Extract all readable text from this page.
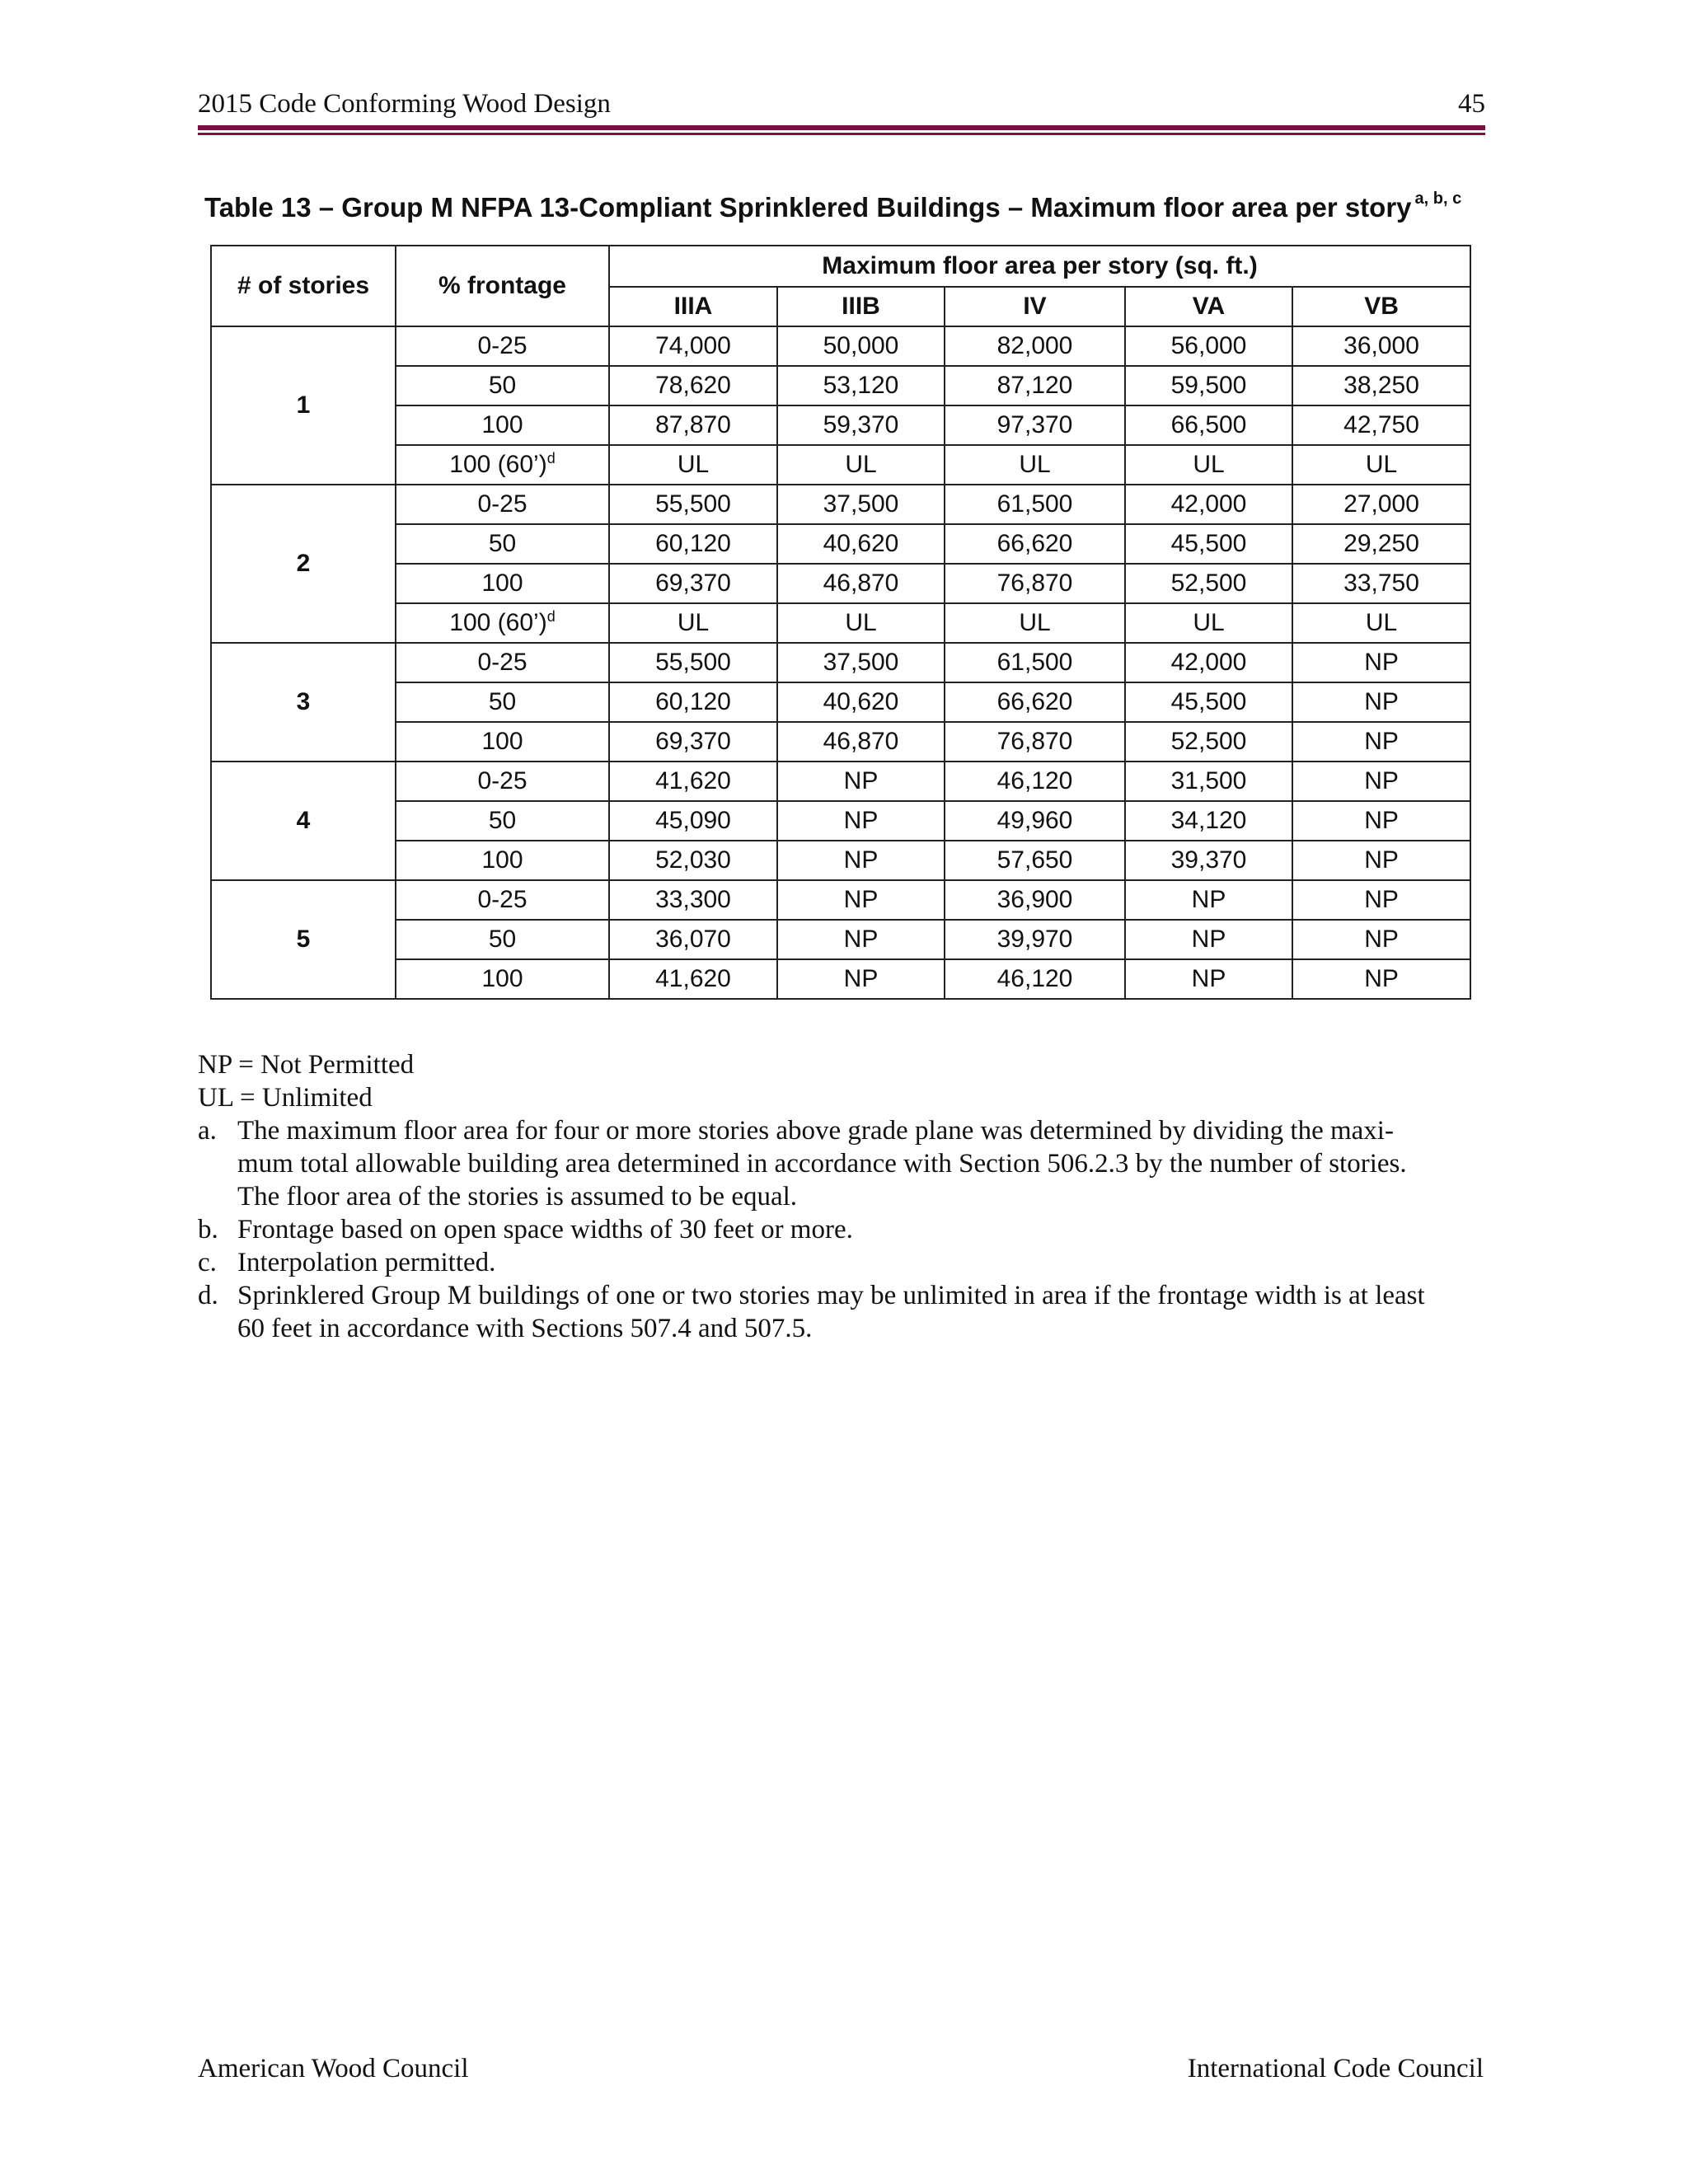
2015 Code Conforming Wood Design	45
Table 13 – Group M NFPA 13-Compliant Sprinklered Buildings – Maximum floor area per story $^{a, b, c}$
# of stories	% frontage	Maximum floor area per story (sq. ft.)				
		IIIA	IIIB	IV	VA	VB
1	0-25	74,000	50,000	82,000	56,000	36,000
	50	78,620	53,120	87,120	59,500	38,250
	100	87,870	59,370	97,370	66,500	42,750
	100 (60’)$^d$	UL	UL	UL	UL	UL
2	0-25	55,500	37,500	61,500	42,000	27,000
	50	60,120	40,620	66,620	45,500	29,250
	100	69,370	46,870	76,870	52,500	33,750
	100 (60’)$^d$	UL	UL	UL	UL	UL
3	0-25	55,500	37,500	61,500	42,000	NP
	50	60,120	40,620	66,620	45,500	NP
	100	69,370	46,870	76,870	52,500	NP
4	0-25	41,620	NP	46,120	31,500	NP
	50	45,090	NP	49,960	34,120	NP
	100	52,030	NP	57,650	39,370	NP
5	0-25	33,300	NP	36,900	NP	NP
	50	36,070	NP	39,970	NP	NP
	100	41,620	NP	46,120	NP	NP
NP = Not Permitted
UL = Unlimited
a. The maximum floor area for four or more stories above grade plane was determined by dividing the maxi-
mum total allowable building area determined in accordance with Section 506.2.3 by the number of stories.
The floor area of the stories is assumed to be equal.
b. Frontage based on open space widths of 30 feet or more.
c. Interpolation permitted.
d. Sprinklered Group M buildings of one or two stories may be unlimited in area if the frontage width is at least
60 feet in accordance with Sections 507.4 and 507.5.
American Wood Council	International Code Council
